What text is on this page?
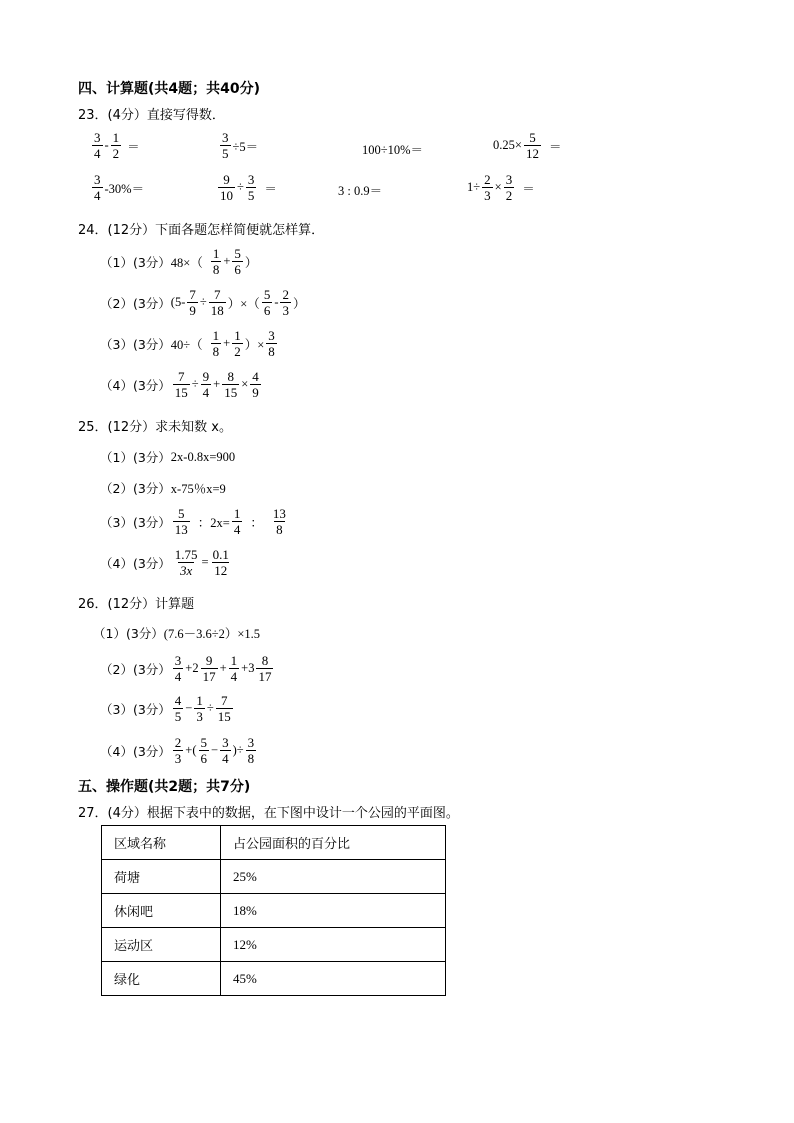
四、计算题(共4题；共40分)
23．(4分）直接写得数．
$\frac{3}{4} - \frac{1}{2}$ ＝	$\frac{3}{5} \div 5=$	100÷10%＝	$0.25\times \frac{5}{12}$ ＝
$\frac{3}{4} -30\%=$	$\frac{9}{10} \div \frac{3}{5}$ ＝	3 : 0.9＝	$1\div \frac{2}{3} \times \frac{3}{2}$ ＝
24．(12分）下面各题怎样简便就怎样算．
（1）(3分） $48\times( \frac{1}{8} + \frac{5}{6}$ ）
（2）(3分） ($5- \frac{7}{9} \div \frac{7}{18}$ ）×（ $\frac{5}{6} - \frac{2}{3}$ ）
（3）(3分） $40\div( \frac{1}{8} + \frac{1}{2}$ ）× $\frac{3}{8}$
（4）(3分） $\frac{7}{15} \div \frac{9}{4} + \frac{8}{15} \times \frac{4}{9}$
25．(12分）求未知数 x。
（1）(3分） 2x-0.8x=900
（2）(3分） x-75％x=9
（3）(3分） $\frac{5}{13}$ ：$2x= \frac{1}{4}$ ： $\frac{13}{8}$
（4）(3分） $\frac{1.75}{3x} = \frac{0.1}{12}$
26．(12分）计算题
（1）(3分） (7.6－3.6÷2）×1.5
（2）(3分） $\frac{3}{4} +2 \frac{9}{17} + \frac{1}{4} +3 \frac{8}{17}$
（3）(3分） $\frac{4}{5} - \frac{1}{3} \div \frac{7}{15}$
（4）(3分） $\frac{2}{3}$ +( $\frac{5}{6} - \frac{3}{4}$ )÷ $\frac{3}{8}$
五、操作题(共2题；共7分)
27．(4分）根据下表中的数据，在下图中设计一个公园的平面图。
区域名称	占公园面积的百分比
荷塘	25%
休闲吧	18%
运动区	12%
绿化	45%
